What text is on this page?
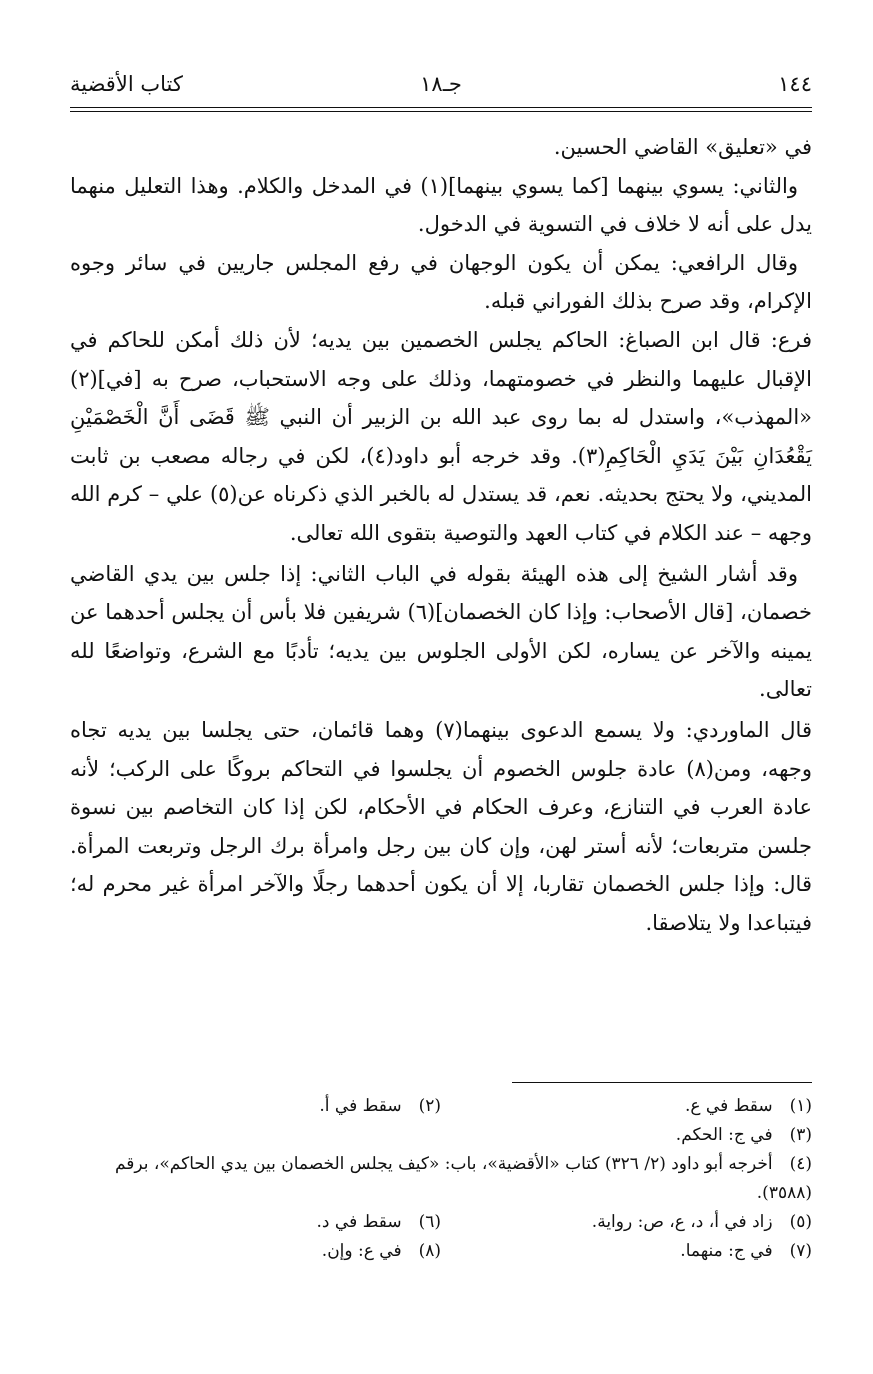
١٤٤
جـ١٨
كتاب الأقضية

في «تعليق» القاضي الحسين.

والثاني: يسوي بينهما [كما يسوي بينهما](١) في المدخل والكلام. وهذا التعليل منهما يدل على أنه لا خلاف في التسوية في الدخول.

وقال الرافعي: يمكن أن يكون الوجهان في رفع المجلس جاريين في سائر وجوه الإكرام، وقد صرح بذلك الفوراني قبله.

فرع: قال ابن الصباغ: الحاكم يجلس الخصمين بين يديه؛ لأن ذلك أمكن للحاكم في الإقبال عليهما والنظر في خصومتهما، وذلك على وجه الاستحباب، صرح به [في](٢) «المهذب»، واستدل له بما روى عبد الله بن الزبير أن النبي ﷺ قَضَى أَنَّ الْخَصْمَيْنِ يَقْعُدَانِ بَيْنَ يَدَيِ الْحَاكِمِ(٣). وقد خرجه أبو داود(٤)، لكن في رجاله مصعب بن ثابت المديني، ولا يحتج بحديثه. نعم، قد يستدل له بالخبر الذي ذكرناه عن(٥) علي – كرم الله وجهه – عند الكلام في كتاب العهد والتوصية بتقوى الله تعالى.

وقد أشار الشيخ إلى هذه الهيئة بقوله في الباب الثاني: إذا جلس بين يدي القاضي خصمان، [قال الأصحاب: وإذا كان الخصمان](٦) شريفين فلا بأس أن يجلس أحدهما عن يمينه والآخر عن يساره، لكن الأولى الجلوس بين يديه؛ تأدبًا مع الشرع، وتواضعًا لله تعالى.

قال الماوردي: ولا يسمع الدعوى بينهما(٧) وهما قائمان، حتى يجلسا بين يديه تجاه وجهه، ومن(٨) عادة جلوس الخصوم أن يجلسوا في التحاكم بروكًا على الركب؛ لأنه عادة العرب في التنازع، وعرف الحكام في الأحكام، لكن إذا كان التخاصم بين نسوة جلسن متربعات؛ لأنه أستر لهن، وإن كان بين رجل وامرأة برك الرجل وتربعت المرأة. قال: وإذا جلس الخصمان تقاربا، إلا أن يكون أحدهما رجلًا والآخر امرأة غير محرم له؛ فيتباعدا ولا يتلاصقا.

(١) سقط في ع.
(٢) سقط في أ.
(٣) في ج: الحكم.
(٤) أخرجه أبو داود (٢/ ٣٢٦) كتاب «الأقضية»، باب: «كيف يجلس الخصمان بين يدي الحاكم»، برقم (٣٥٨٨).
(٥) زاد في أ، د، ع، ص: رواية.
(٦) سقط في د.
(٧) في ج: منهما.
(٨) في ع: وإن.
